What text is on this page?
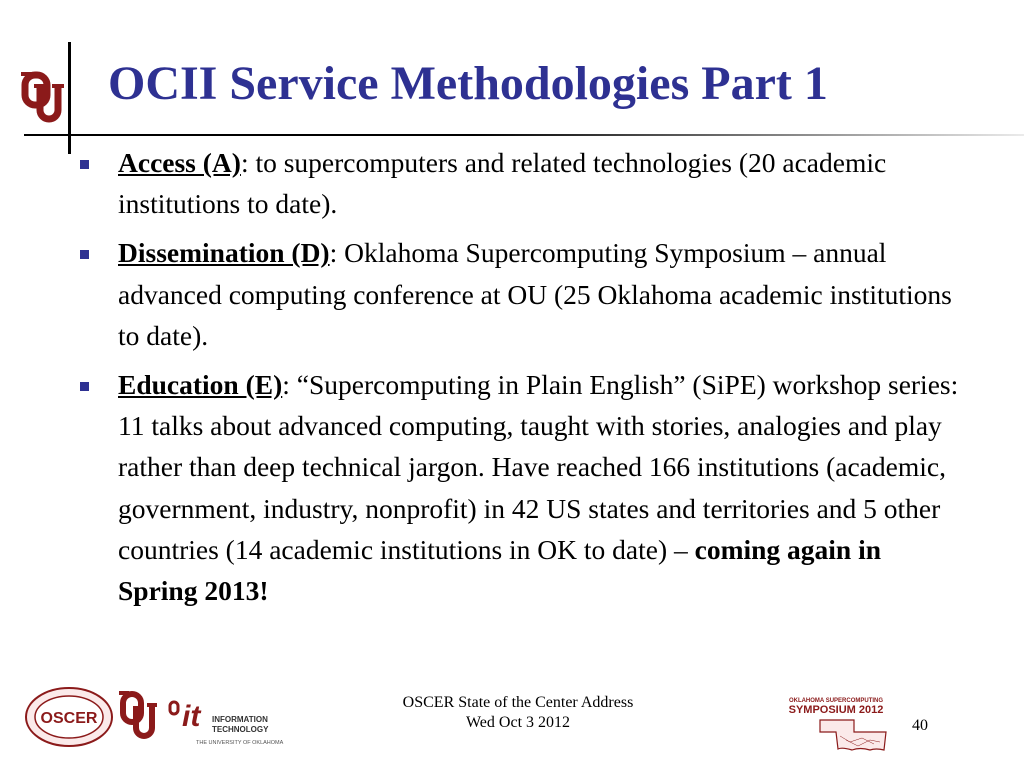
OCII Service Methodologies Part 1
Access (A): to supercomputers and related technologies (20 academic institutions to date).
Dissemination (D): Oklahoma Supercomputing Symposium – annual advanced computing conference at OU (25 Oklahoma academic institutions to date).
Education (E): “Supercomputing in Plain English” (SiPE) workshop series: 11 talks about advanced computing, taught with stories, analogies and play rather than deep technical jargon. Have reached 166 institutions (academic, government, industry, nonprofit) in 42 US states and territories and 5 other countries (14 academic institutions in OK to date) – coming again in Spring 2013!
OSCER	it INFORMATION
TECHNOLOGY
THE UNIVERSITY OF OKLAHOMA
OSCER State of the Center Address
Wed Oct 3 2012
OKLAHOMA SUPERCOMPUTING
SYMPOSIUM 2012
40
